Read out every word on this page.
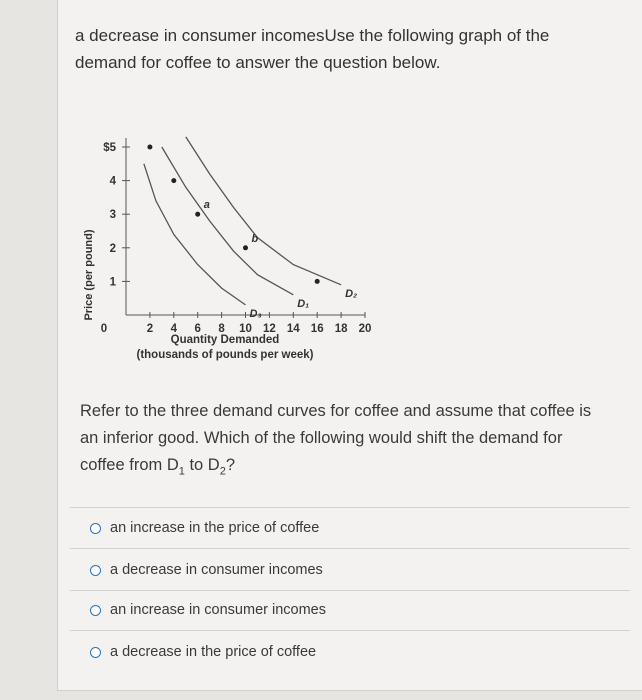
a decrease in consumer incomesUse the following graph of the demand for coffee to answer the question below.
Price (per pound)
0	2 4 6 8 10 12 14 16 18 20
$5
4
3
2
1
D₃
D₁
D₂
a
b
Quantity Demanded
(thousands of pounds per week)
Refer to the three demand curves for coffee and assume that coffee is
an inferior good. Which of the following would shift the demand for
coffee from $D_1$ to $D_2$?
an increase in the price of coffee
a decrease in consumer incomes
an increase in consumer incomes
a decrease in the price of coffee
